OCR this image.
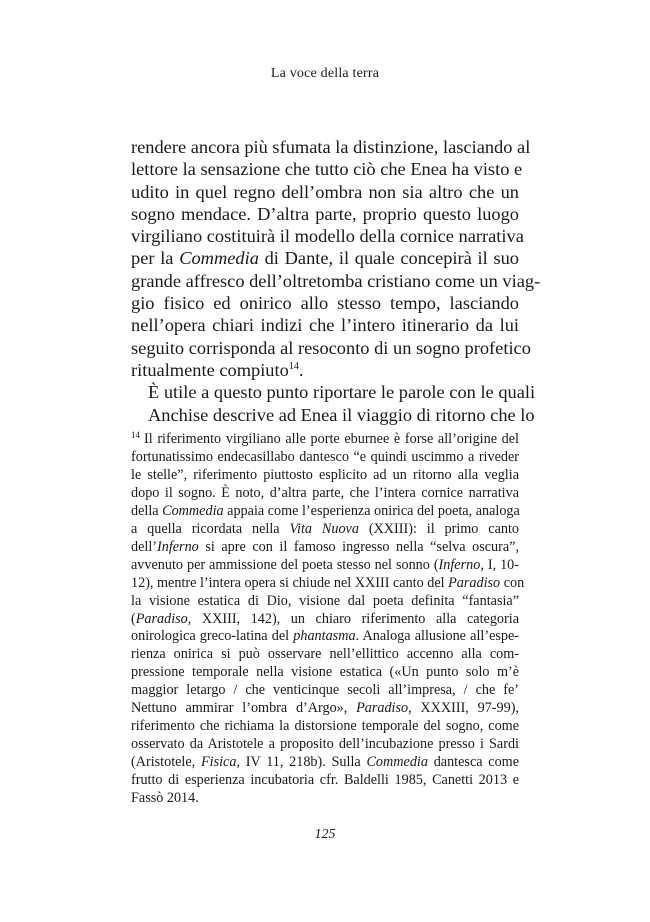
La voce della terra
rendere ancora più sfumata la distinzione, lasciando al
lettore la sensazione che tutto ciò che Enea ha visto e
udito in quel regno dell’ombra non sia altro che un
sogno mendace. D’altra parte, proprio questo luogo
virgiliano costituirà il modello della cornice narrativa
per la Commedia di Dante, il quale concepirà il suo
grande affresco dell’oltretomba cristiano come un viag-
gio fisico ed onirico allo stesso tempo, lasciando
nell’opera chiari indizi che l’intero itinerario da lui
seguito corrisponda al resoconto di un sogno profetico
ritualmente compiuto$^{14}$.
È utile a questo punto riportare le parole con le quali
Anchise descrive ad Enea il viaggio di ritorno che lo
$^{14}$ Il riferimento virgiliano alle porte eburnee è forse all’origine del
fortunatissimo endecasillabo dantesco “e quindi uscimmo a riveder
le stelle”, riferimento piuttosto esplicito ad un ritorno alla veglia
dopo il sogno. È noto, d’altra parte, che l’intera cornice narrativa
della Commedia appaia come l’esperienza onirica del poeta, analoga
a quella ricordata nella Vita Nuova (XXIII): il primo canto
dell’Inferno si apre con il famoso ingresso nella “selva oscura”,
avvenuto per ammissione del poeta stesso nel sonno (Inferno, I, 10-
12), mentre l’intera opera si chiude nel XXIII canto del Paradiso con
la visione estatica di Dio, visione dal poeta definita “fantasia”
(Paradiso, XXIII, 142), un chiaro riferimento alla categoria
onirologica greco-latina del phantasma. Analoga allusione all’espe-
rienza onirica si può osservare nell’ellittico accenno alla com-
pressione temporale nella visione estatica («Un punto solo m’è
maggior letargo / che venticinque secoli all’impresa, / che fe’
Nettuno ammirar l’ombra d’Argo», Paradiso, XXXIII, 97-99),
riferimento che richiama la distorsione temporale del sogno, come
osservato da Aristotele a proposito dell’incubazione presso i Sardi
(Aristotele, Fisica, IV 11, 218b). Sulla Commedia dantesca come
frutto di esperienza incubatoria cfr. Baldelli 1985, Canetti 2013 e
Fassò 2014.
125
